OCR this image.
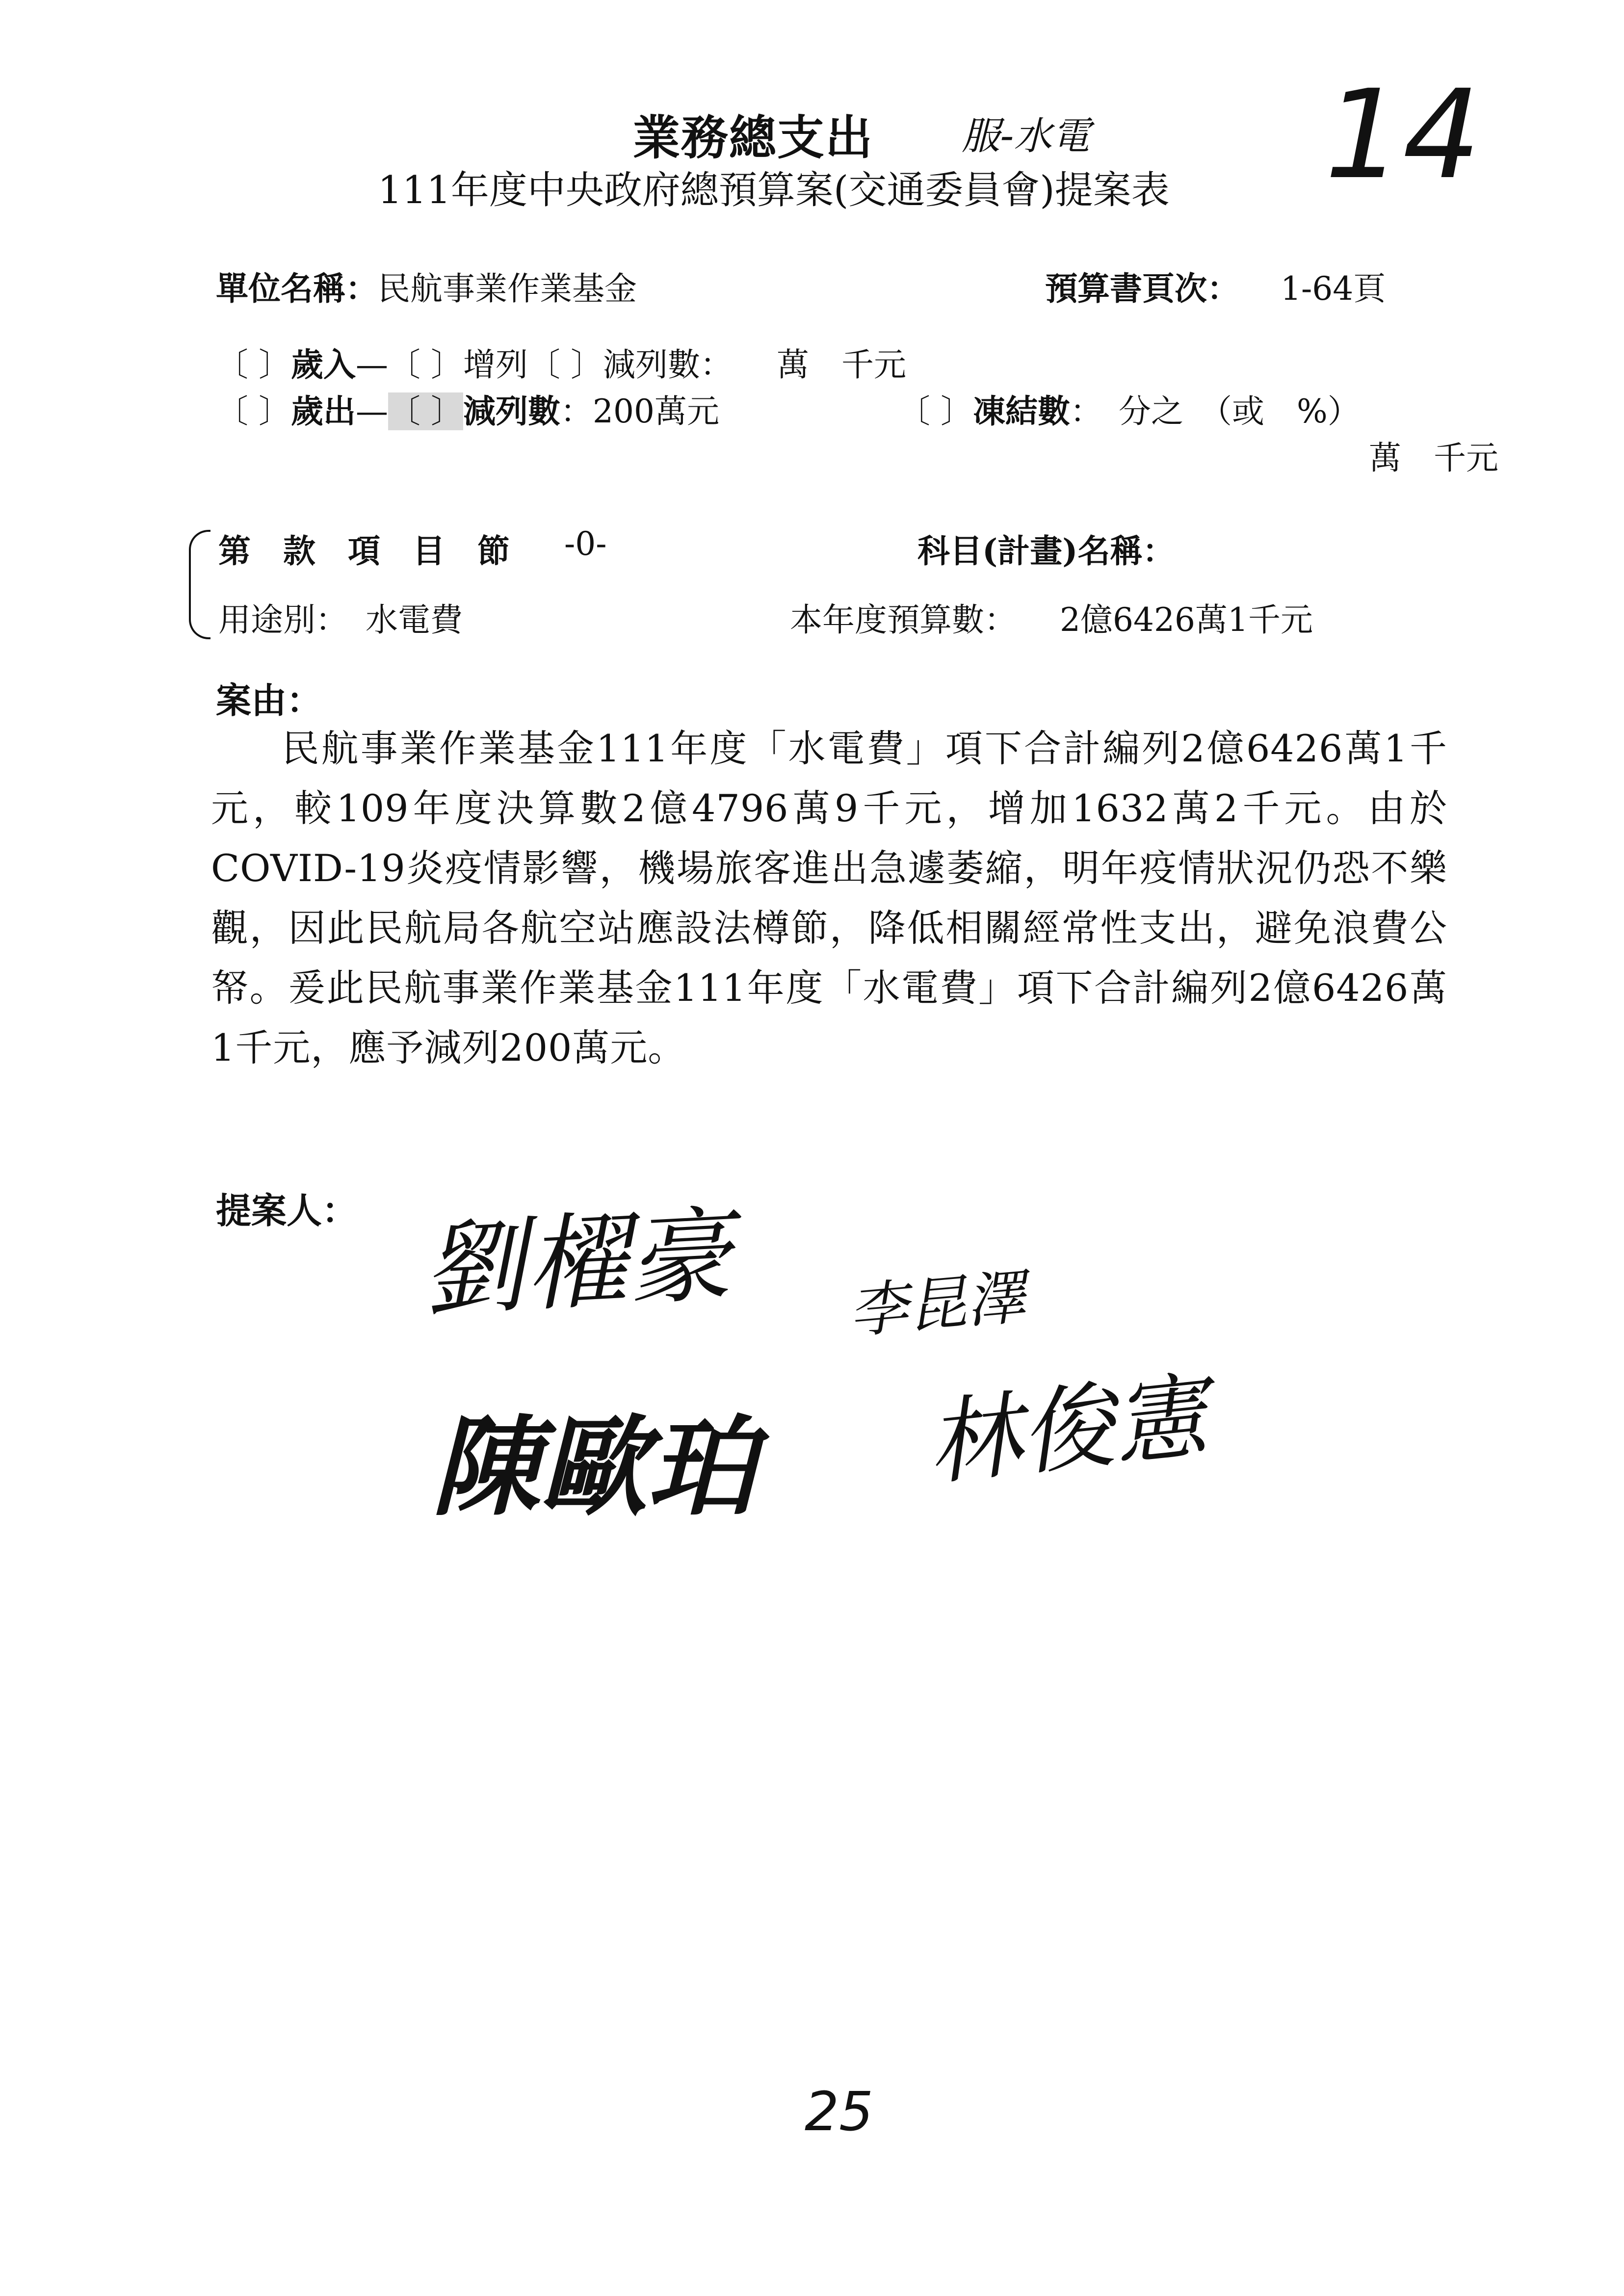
業務總支出 服-水電 14
111年度中央政府總預算案(交通委員會)提案表
單位名稱： 民航事業作業基金	預算書頁次： 1-64頁
〔 〕歲入—〔 〕增列〔 〕減列數： 萬　千元
〔 〕歲出—〔 〕減列數：200萬元	〔 〕凍結數：　分之　（或　%）
萬　千元
第　款　項　目　節 -0-	科目(計畫)名稱：
用途別： 水電費	本年度預算數： 2億6426萬1千元
案由：
民航事業作業基金111年度「水電費」項下合計編列2億6426萬1千元，較109年度決算數2億4796萬9千元，增加1632萬2千元。由於COVID-19炎疫情影響，機場旅客進出急遽萎縮，明年疫情狀況仍恐不樂觀，因此民航局各航空站應設法樽節，降低相關經常性支出，避免浪費公帑。爰此民航事業作業基金111年度「水電費」項下合計編列2億6426萬1千元，應予減列200萬元。
提案人： 劉櫂豪 李昆澤
陳歐珀 林俊憲
25
